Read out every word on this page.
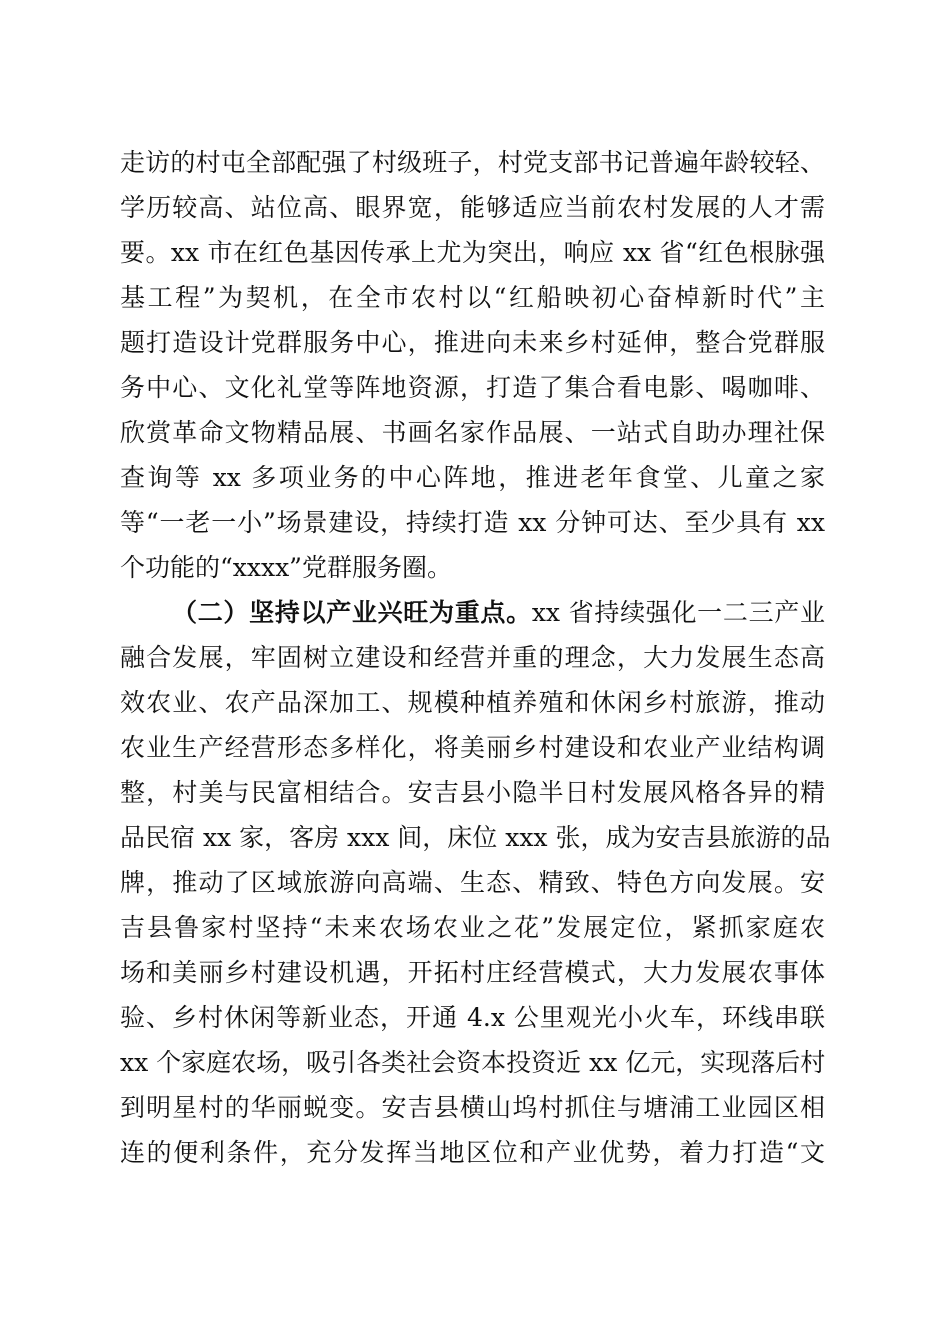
走访的村屯全部配强了村级班子，村党支部书记普遍年龄较轻、
学历较高、站位高、眼界宽，能够适应当前农村发展的人才需
要。xx 市在红色基因传承上尤为突出，响应 xx 省“红色根脉强
基工程”为契机，在全市农村以“红船映初心奋棹新时代”主
题打造设计党群服务中心，推进向未来乡村延伸，整合党群服
务中心、文化礼堂等阵地资源，打造了集合看电影、喝咖啡、
欣赏革命文物精品展、书画名家作品展、一站式自助办理社保
查询等 xx 多项业务的中心阵地，推进老年食堂、儿童之家
等“一老一小”场景建设，持续打造 xx 分钟可达、至少具有 xx
个功能的“xxxx”党群服务圈。
（二）坚持以产业兴旺为重点。xx 省持续强化一二三产业
融合发展，牢固树立建设和经营并重的理念，大力发展生态高
效农业、农产品深加工、规模种植养殖和休闲乡村旅游，推动
农业生产经营形态多样化，将美丽乡村建设和农业产业结构调
整，村美与民富相结合。安吉县小隐半日村发展风格各异的精
品民宿 xx 家，客房 xxx 间，床位 xxx 张，成为安吉县旅游的品
牌，推动了区域旅游向高端、生态、精致、特色方向发展。安
吉县鲁家村坚持“未来农场农业之花”发展定位，紧抓家庭农
场和美丽乡村建设机遇，开拓村庄经营模式，大力发展农事体
验、乡村休闲等新业态，开通 4.x 公里观光小火车，环线串联
xx 个家庭农场，吸引各类社会资本投资近 xx 亿元，实现落后村
到明星村的华丽蜕变。安吉县横山坞村抓住与塘浦工业园区相
连的便利条件，充分发挥当地区位和产业优势，着力打造“文
